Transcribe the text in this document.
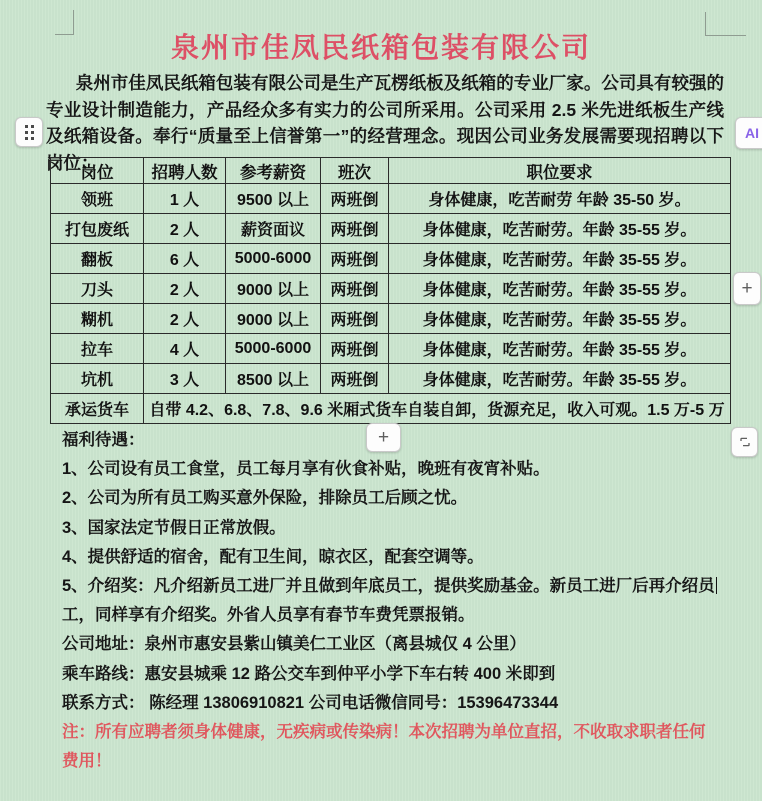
泉州市佳凤民纸箱包装有限公司
泉州市佳凤民纸箱包装有限公司是生产瓦楞纸板及纸箱的专业厂家。公司具有较强的专业设计制造能力，产品经众多有实力的公司所采用。公司采用 2.5 米先进纸板生产线及纸箱设备。奉行“质量至上信誉第一”的经营理念。现因公司业务发展需要现招聘以下岗位：
岗位	招聘人数	参考薪资	班次	职位要求
领班	1 人	9500 以上	两班倒	身体健康，吃苦耐劳 年龄 35-50 岁。
打包废纸	2 人	薪资面议	两班倒	身体健康，吃苦耐劳。年龄 35-55 岁。
翻板	6 人	5000-6000	两班倒	身体健康，吃苦耐劳。年龄 35-55 岁。
刀头	2 人	9000 以上	两班倒	身体健康，吃苦耐劳。年龄 35-55 岁。
糊机	2 人	9000 以上	两班倒	身体健康，吃苦耐劳。年龄 35-55 岁。
拉车	4 人	5000-6000	两班倒	身体健康，吃苦耐劳。年龄 35-55 岁。
坑机	3 人	8500 以上	两班倒	身体健康，吃苦耐劳。年龄 35-55 岁。
承运货车	自带 4.2、6.8、7.8、9.6 米厢式货车自装自卸，货源充足，收入可观。1.5 万-5 万			
福利待遇：
1、公司设有员工食堂，员工每月享有伙食补贴，晚班有夜宵补贴。
2、公司为所有员工购买意外保险，排除员工后顾之忧。
3、国家法定节假日正常放假。
4、提供舒适的宿舍，配有卫生间，晾衣区，配套空调等。
5、介绍奖：凡介绍新员工进厂并且做到年底员工，提供奖励基金。新员工进厂后再介绍员
工，同样享有介绍奖。外省人员享有春节车费凭票报销。
公司地址：泉州市惠安县紫山镇美仁工业区（离县城仅 4 公里）
乘车路线：惠安县城乘 12 路公交车到仲平小学下车右转 400 米即到
联系方式： 陈经理 13806910821 公司电话微信同号：15396473344
注：所有应聘者须身体健康，无疾病或传染病！本次招聘为单位直招，不收取求职者任何
费用！
AI
+
+
